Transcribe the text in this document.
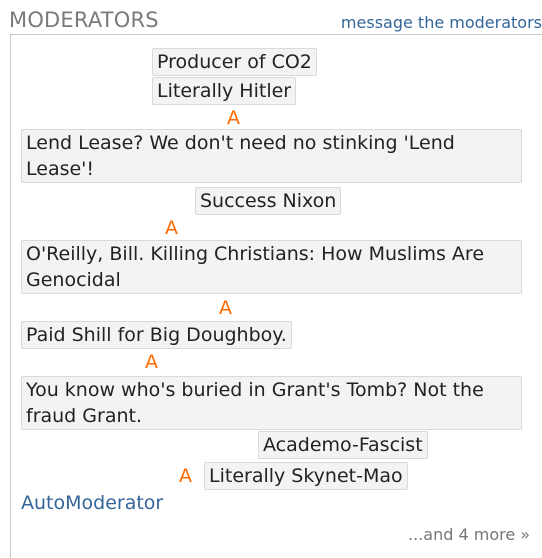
MODERATORS	message the moderators
Producer of CO2
Literally Hitler
A
Lend Lease? We don't need no stinking 'Lend Lease'!
Success Nixon
A
O'Reilly, Bill. Killing Christians: How Muslims Are Genocidal
A
Paid Shill for Big Doughboy.
A
You know who's buried in Grant's Tomb? Not the fraud Grant.
Academo-Fascist
A Literally Skynet-Mao
AutoModerator
...and 4 more »
